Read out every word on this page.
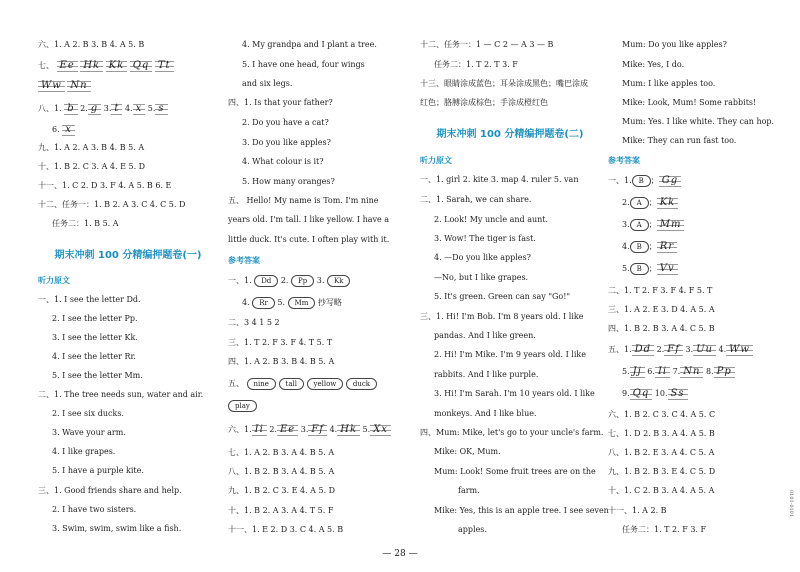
六、1. A 2. B 3. B 4. A 5. B
七、 Ee Hk Kk Qq Tt
Ww Nn
八、1. b 2. g 3. t 4. x 5. s
6. x
九、1. A 2. A 3. B 4. B 5. A
十、1. B 2. C 3. A 4. E 5. D
十一、1. C 2. D 3. F 4. A 5. B 6. E
十二、任务一：1. B 2. A 3. C 4. C 5. D
任务二：1. B 5. A
期末冲刺 100 分精编押题卷(一)
听力原文
一、1. I see the letter Dd.
2. I see the letter Pp.
3. I see the letter Kk.
4. I see the letter Rr.
5. I see the letter Mm.
二、1. The tree needs sun, water and air.
2. I see six ducks.
3. Wave your arm.
4. I like grapes.
5. I have a purple kite.
三、1. Good friends share and help.
2. I have two sisters.
3. Swim, swim, swim like a fish.
4. My grandpa and I plant a tree.
5. I have one head, four wings
and six legs.
四、1. Is that your father?
2. Do you have a cat?
3. Do you like apples?
4. What colour is it?
5. How many oranges?
五、 Hello! My name is Tom. I'm nine
years old. I'm tall. I like yellow. I have a
little duck. It's cute. I often play with it.
参考答案
一、1. Dd 2. Pp 3. Kk
4. Rr 5. Mm 抄写略
二、3 4 1 5 2
三、1. T 2. F 3. F 4. T 5. T
四、1. A 2. B 3. B 4. B 5. A
五、 nine tall yellow duck
play
六、1. Ii 2. Ee 3. Ff 4. Hk 5. Xx
七、1. A 2. B 3. A 4. B 5. A
八、1. B 2. B 3. A 4. B 5. A
九、1. B 2. C 3. E 4. A 5. D
十、1. B 2. A 3. A 4. T 5. F
十一、1. E 2. D 3. C 4. A 5. B
十二、任务一：1 — C 2 — A 3 — B
任务二：1. T 2. T 3. F
十三、眼睛涂成蓝色；耳朵涂成黑色；嘴巴涂成
红色；胳膊涂成棕色；手涂成橙红色
期末冲刺 100 分精编押题卷(二)
听力原文
一、1. girl 2. kite 3. map 4. ruler 5. van
二、1. Sarah, we can share.
2. Look! My uncle and aunt.
3. Wow! The tiger is fast.
4. —Do you like apples?
—No, but I like grapes.
5. It's green. Green can say "Go!"
三、1. Hi! I'm Bob. I'm 8 years old. I like
pandas. And I like green.
2. Hi! I'm Mike. I'm 9 years old. I like
rabbits. And I like purple.
3. Hi! I'm Sarah. I'm 10 years old. I like
monkeys. And I like blue.
四、Mum: Mike, let's go to your uncle's farm.
Mike: OK, Mum.
Mum: Look! Some fruit trees are on the
farm.
Mike: Yes, this is an apple tree. I see seven
apples.
Mum: Do you like apples?
Mike: Yes, I do.
Mum: I like apples too.
Mike: Look, Mum! Some rabbits!
Mum: Yes. I like white. They can hop.
Mike: They can run fast too.
参考答案
一、1. B ； Gg
2. A ； Kk
3. A ； Mm
4. B ； Rr
5. B ； Vv
二、1. T 2. F 3. F 4. F 5. T
三、1. A 2. E 3. D 4. A 5. A
四、1. B 2. B 3. A 4. C 5. B
五、1. Dd 2. Ff 3. Uu 4. Ww
5. Jj 6. Ii 7. Nn 8. Pp
9. Qq 10. Ss
六、1. B 2. C 3. C 4. A 5. C
七、1. D 2. B 3. A 4. A 5. B
八、1. B 2. E 3. A 4. C 5. A
九、1. B 2. B 3. E 4. C 5. D
十、1. C 2. B 3. A 4. A 5. A
十一、1. A 2. B
任务二：1. T 2. F 3. F
— 28 —
0101·0101
